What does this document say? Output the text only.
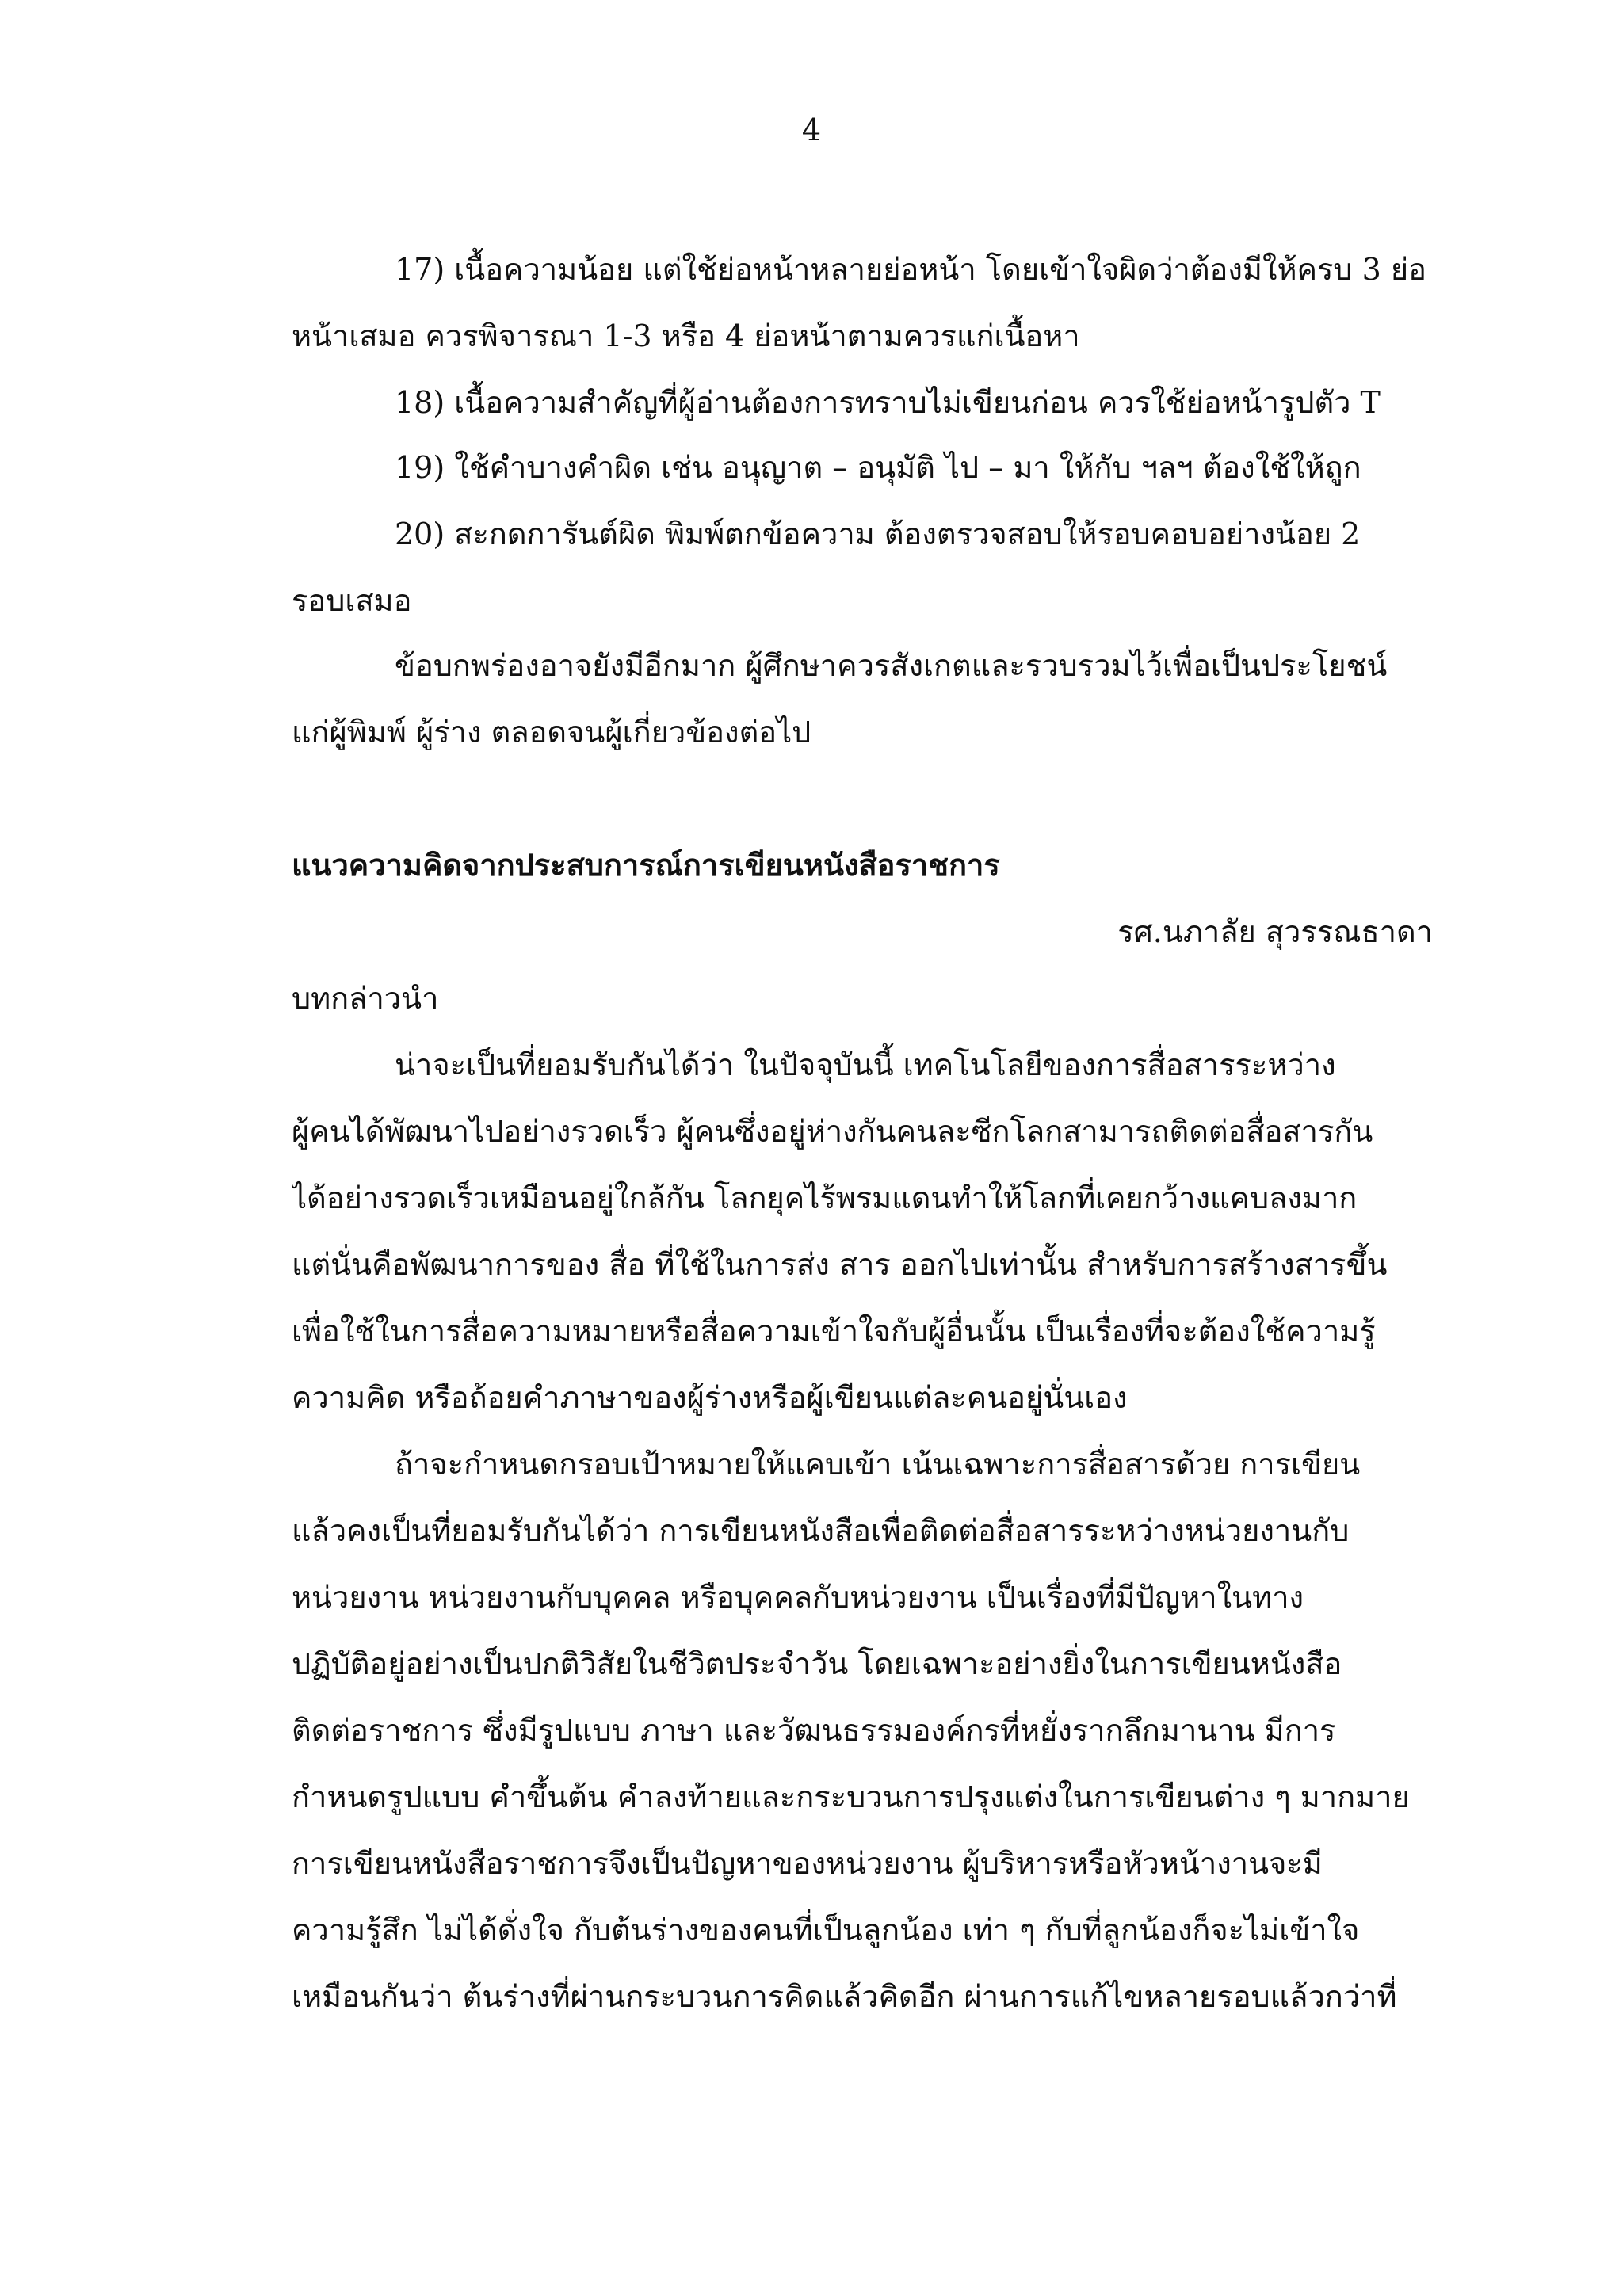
4
17) เนื้อความน้อย แต่ใช้ย่อหน้าหลายย่อหน้า โดยเข้าใจผิดว่าต้องมีให้ครบ 3 ย่อ
หน้าเสมอ ควรพิจารณา 1-3 หรือ 4 ย่อหน้าตามควรแก่เนื้อหา
18) เนื้อความสำคัญที่ผู้อ่านต้องการทราบไม่เขียนก่อน ควรใช้ย่อหน้ารูปตัว T
19) ใช้คำบางคำผิด เช่น อนุญาต – อนุมัติ ไป – มา ให้กับ ฯลฯ ต้องใช้ให้ถูก
20) สะกดการันต์ผิด พิมพ์ตกข้อความ ต้องตรวจสอบให้รอบคอบอย่างน้อย 2
รอบเสมอ
ข้อบกพร่องอาจยังมีอีกมาก ผู้ศึกษาควรสังเกตและรวบรวมไว้เพื่อเป็นประโยชน์
แก่ผู้พิมพ์ ผู้ร่าง ตลอดจนผู้เกี่ยวข้องต่อไป
แนวความคิดจากประสบการณ์การเขียนหนังสือราชการ
รศ.นภาลัย สุวรรณธาดา
บทกล่าวนำ
น่าจะเป็นที่ยอมรับกันได้ว่า ในปัจจุบันนี้ เทคโนโลยีของการสื่อสารระหว่าง
ผู้คนได้พัฒนาไปอย่างรวดเร็ว ผู้คนซึ่งอยู่ห่างกันคนละซีกโลกสามารถติดต่อสื่อสารกัน
ได้อย่างรวดเร็วเหมือนอยู่ใกล้กัน โลกยุคไร้พรมแดนทำให้โลกที่เคยกว้างแคบลงมาก
แต่นั่นคือพัฒนาการของ สื่อ ที่ใช้ในการส่ง สาร ออกไปเท่านั้น สำหรับการสร้างสารขึ้น
เพื่อใช้ในการสื่อความหมายหรือสื่อความเข้าใจกับผู้อื่นนั้น เป็นเรื่องที่จะต้องใช้ความรู้
ความคิด หรือถ้อยคำภาษาของผู้ร่างหรือผู้เขียนแต่ละคนอยู่นั่นเอง
ถ้าจะกำหนดกรอบเป้าหมายให้แคบเข้า เน้นเฉพาะการสื่อสารด้วย การเขียน
แล้วคงเป็นที่ยอมรับกันได้ว่า การเขียนหนังสือเพื่อติดต่อสื่อสารระหว่างหน่วยงานกับ
หน่วยงาน หน่วยงานกับบุคคล หรือบุคคลกับหน่วยงาน เป็นเรื่องที่มีปัญหาในทาง
ปฏิบัติอยู่อย่างเป็นปกติวิสัยในชีวิตประจำวัน โดยเฉพาะอย่างยิ่งในการเขียนหนังสือ
ติดต่อราชการ ซึ่งมีรูปแบบ ภาษา และวัฒนธรรมองค์กรที่หยั่งรากลึกมานาน มีการ
กำหนดรูปแบบ คำขึ้นต้น คำลงท้ายและกระบวนการปรุงแต่งในการเขียนต่าง ๆ มากมาย
การเขียนหนังสือราชการจึงเป็นปัญหาของหน่วยงาน ผู้บริหารหรือหัวหน้างานจะมี
ความรู้สึก ไม่ได้ดั่งใจ กับต้นร่างของคนที่เป็นลูกน้อง เท่า ๆ กับที่ลูกน้องก็จะไม่เข้าใจ
เหมือนกันว่า ต้นร่างที่ผ่านกระบวนการคิดแล้วคิดอีก ผ่านการแก้ไขหลายรอบแล้วกว่าที่
